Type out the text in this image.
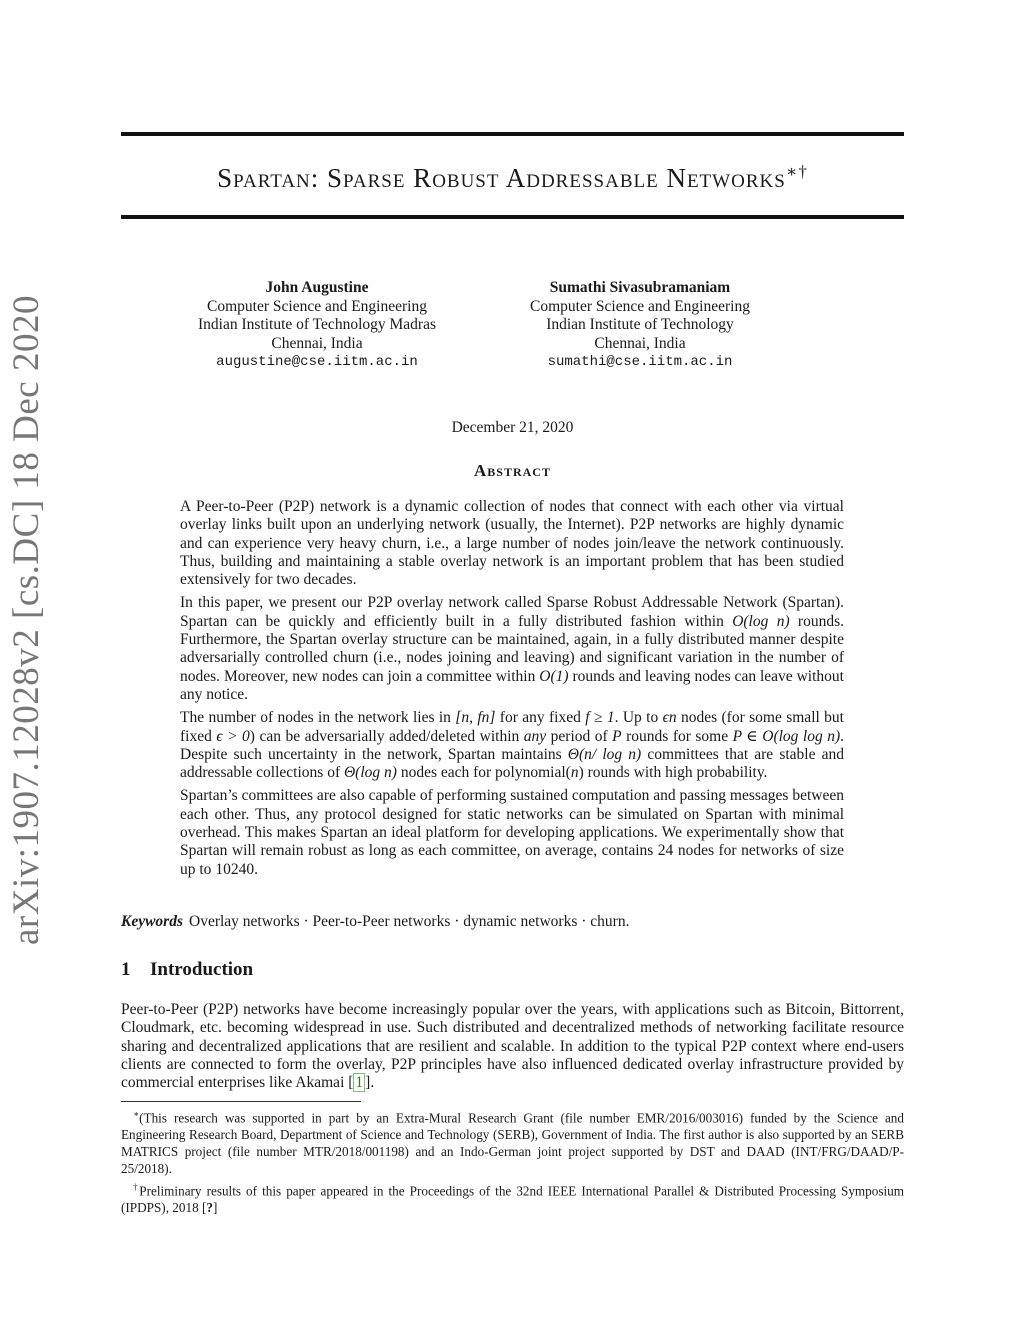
arXiv:1907.12028v2 [cs.DC] 18 Dec 2020
Spartan: Sparse Robust Addressable Networks∗†
John Augustine
Computer Science and Engineering
Indian Institute of Technology Madras
Chennai, India
augustine@cse.iitm.ac.in
Sumathi Sivasubramaniam
Computer Science and Engineering
Indian Institute of Technology
Chennai, India
sumathi@cse.iitm.ac.in
December 21, 2020
Abstract

A Peer-to-Peer (P2P) network is a dynamic collection of nodes that connect with each other via virtual overlay links built upon an underlying network (usually, the Internet). P2P networks are highly dynamic and can experience very heavy churn, i.e., a large number of nodes join/leave the network continuously. Thus, building and maintaining a stable overlay network is an important problem that has been studied extensively for two decades.

In this paper, we present our P2P overlay network called Sparse Robust Addressable Network (Spartan). Spartan can be quickly and efficiently built in a fully distributed fashion within O(log n) rounds. Furthermore, the Spartan overlay structure can be maintained, again, in a fully distributed manner despite adversarially controlled churn (i.e., nodes joining and leaving) and significant variation in the number of nodes. Moreover, new nodes can join a committee within O(1) rounds and leaving nodes can leave without any notice.

The number of nodes in the network lies in [n, fn] for any fixed f ≥ 1. Up to ϵn nodes (for some small but fixed ϵ > 0) can be adversarially added/deleted within any period of P rounds for some P ∈ O(log log n). Despite such uncertainty in the network, Spartan maintains Θ(n/ log n) committees that are stable and addressable collections of Θ(log n) nodes each for polynomial(n) rounds with high probability.

Spartan’s committees are also capable of performing sustained computation and passing messages between each other. Thus, any protocol designed for static networks can be simulated on Spartan with minimal overhead. This makes Spartan an ideal platform for developing applications. We experimentally show that Spartan will remain robust as long as each committee, on average, contains 24 nodes for networks of size up to 10240.

Keywords Overlay networks · Peer-to-Peer networks · dynamic networks · churn.
1 Introduction

Peer-to-Peer (P2P) networks have become increasingly popular over the years, with applications such as Bitcoin, Bittorrent, Cloudmark, etc. becoming widespread in use. Such distributed and decentralized methods of networking facilitate resource sharing and decentralized applications that are resilient and scalable. In addition to the typical P2P context where end-users clients are connected to form the overlay, P2P principles have also influenced dedicated overlay infrastructure provided by commercial enterprises like Akamai [ 1 ].

∗(This research was supported in part by an Extra-Mural Research Grant (file number EMR/2016/003016) funded by the Science and Engineering Research Board, Department of Science and Technology (SERB), Government of India. The first author is also supported by an SERB MATRICS project (file number MTR/2018/001198) and an Indo-German joint project supported by DST and DAAD (INT/FRG/DAAD/P-25/2018).

†Preliminary results of this paper appeared in the Proceedings of the 32nd IEEE International Parallel & Distributed Processing Symposium (IPDPS), 2018 [?]
